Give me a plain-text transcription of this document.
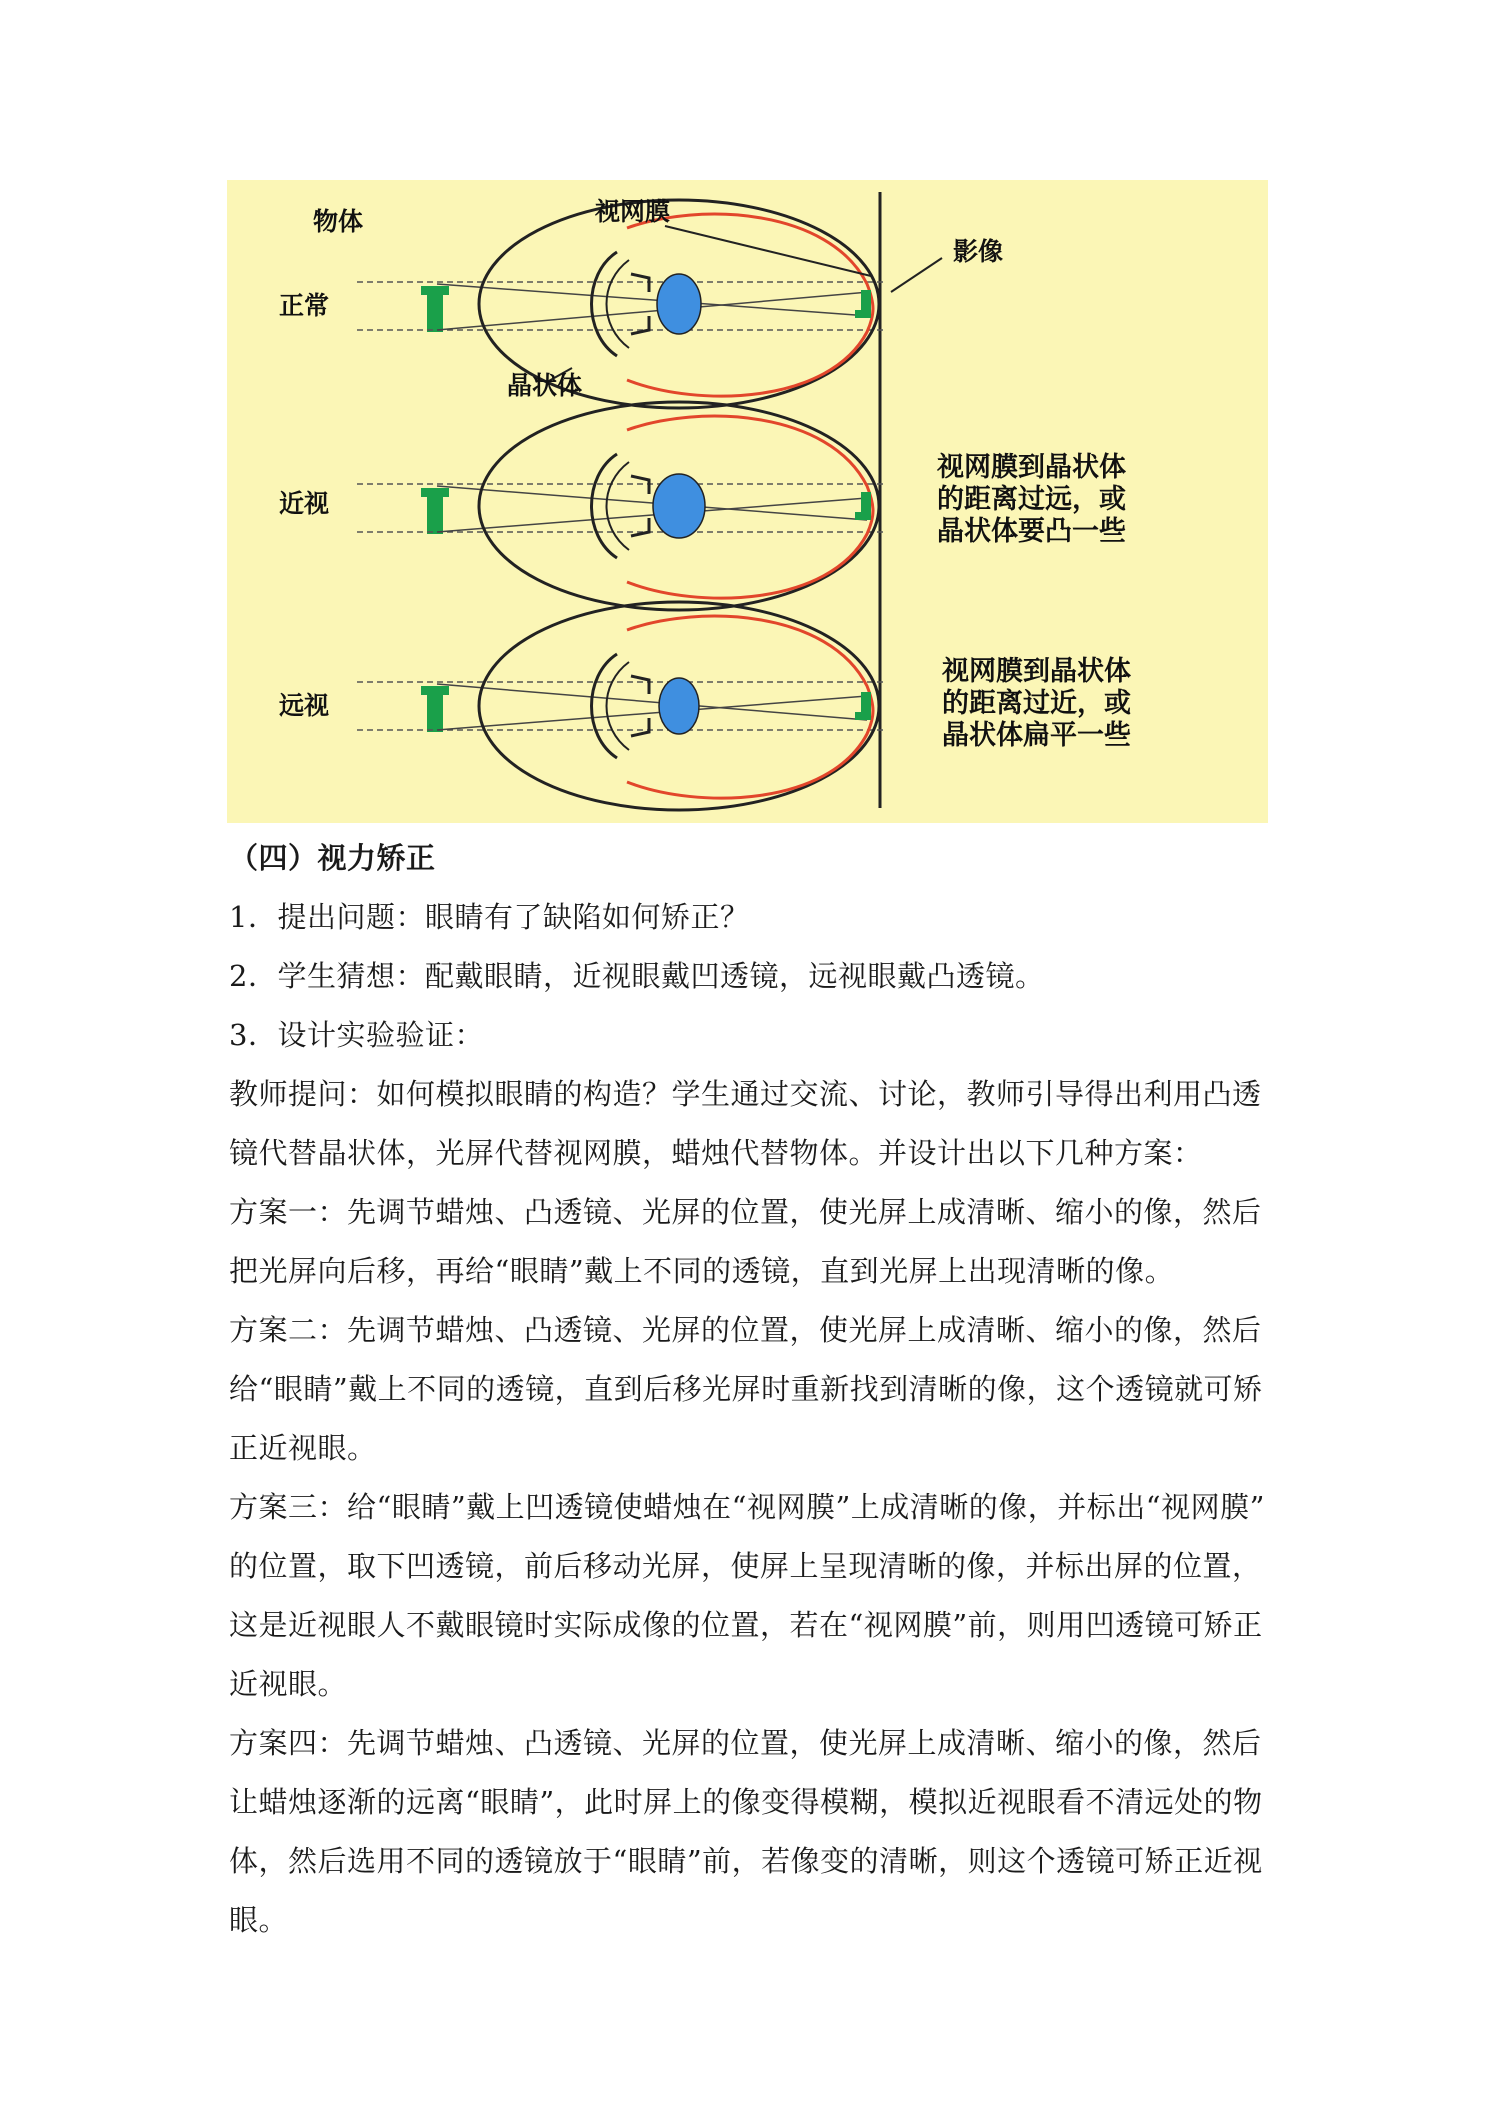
物体	视网膜
影像
正常
晶状体
近视
远视
视网膜到晶状体
的距离过远，或
晶状体要凸一些
视网膜到晶状体
的距离过近，或
晶状体扁平一些

（四）视力矫正

1．提出问题：眼睛有了缺陷如何矫正？

2．学生猜想：配戴眼睛，近视眼戴凹透镜，远视眼戴凸透镜。

3．设计实验验证：

教师提问：如何模拟眼睛的构造？学生通过交流、讨论，教师引导得出利用凸透

镜代替晶状体，光屏代替视网膜，蜡烛代替物体。并设计出以下几种方案：

方案一：先调节蜡烛、凸透镜、光屏的位置，使光屏上成清晰、缩小的像，然后

把光屏向后移，再给“眼睛”戴上不同的透镜，直到光屏上出现清晰的像。

方案二：先调节蜡烛、凸透镜、光屏的位置，使光屏上成清晰、缩小的像，然后

给“眼睛”戴上不同的透镜，直到后移光屏时重新找到清晰的像，这个透镜就可矫

正近视眼。

方案三：给“眼睛”戴上凹透镜使蜡烛在“视网膜”上成清晰的像，并标出“视网膜”

的位置，取下凹透镜，前后移动光屏，使屏上呈现清晰的像，并标出屏的位置，

这是近视眼人不戴眼镜时实际成像的位置，若在“视网膜”前，则用凹透镜可矫正

近视眼。

方案四：先调节蜡烛、凸透镜、光屏的位置，使光屏上成清晰、缩小的像，然后

让蜡烛逐渐的远离“眼睛”，此时屏上的像变得模糊，模拟近视眼看不清远处的物

体，然后选用不同的透镜放于“眼睛”前，若像变的清晰，则这个透镜可矫正近视

眼。
